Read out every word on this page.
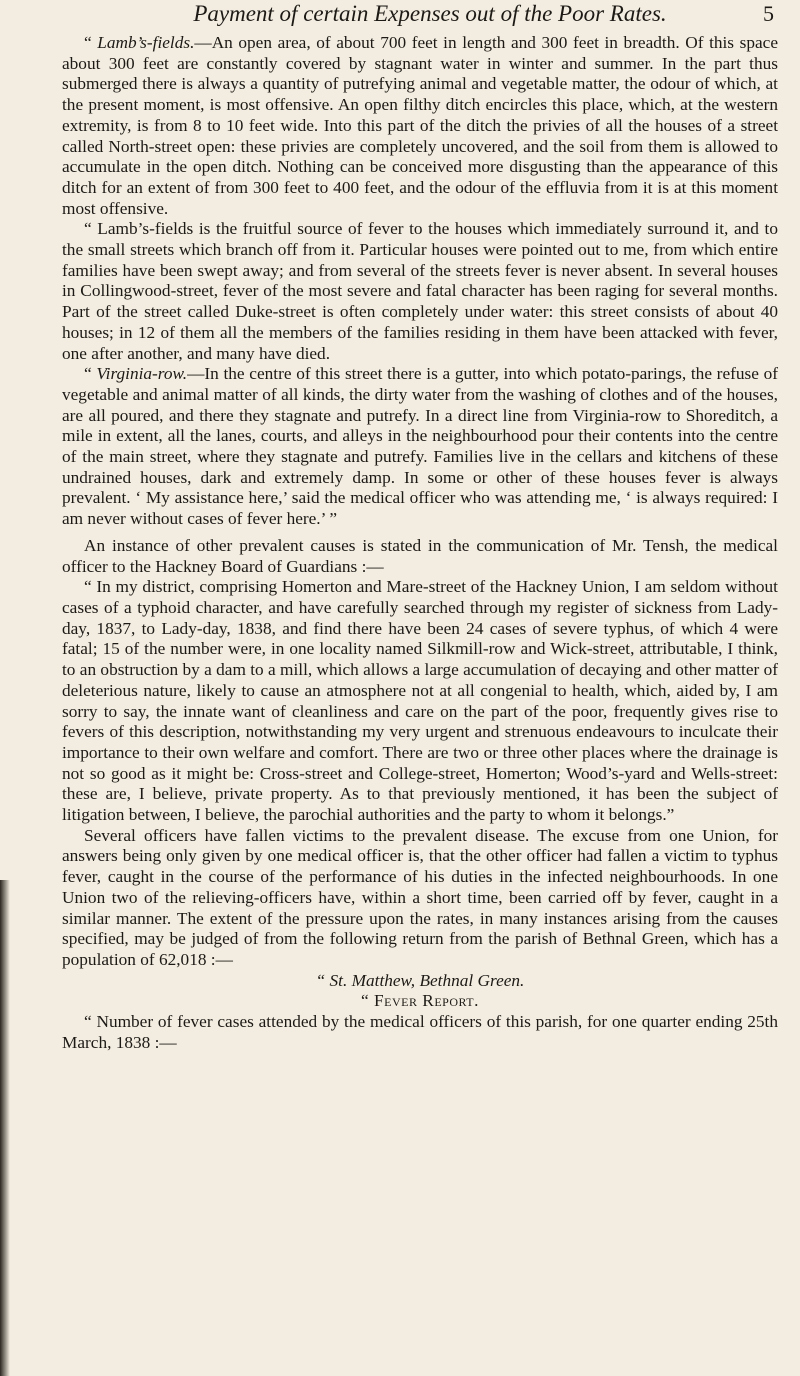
Payment of certain Expenses out of the Poor Rates.	5

“ Lamb’s-fields.—An open area, of about 700 feet in length and 300 feet in breadth. Of this space about 300 feet are constantly covered by stagnant water in winter and summer. In the part thus submerged there is always a quantity of putrefying animal and vegetable matter, the odour of which, at the present moment, is most offensive. An open filthy ditch encircles this place, which, at the western extremity, is from 8 to 10 feet wide. Into this part of the ditch the privies of all the houses of a street called North-street open: these privies are completely uncovered, and the soil from them is allowed to accumulate in the open ditch. Nothing can be conceived more disgusting than the appearance of this ditch for an extent of from 300 feet to 400 feet, and the odour of the effluvia from it is at this moment most offensive.

“ Lamb’s-fields is the fruitful source of fever to the houses which immediately surround it, and to the small streets which branch off from it. Particular houses were pointed out to me, from which entire families have been swept away; and from several of the streets fever is never absent. In several houses in Collingwood-street, fever of the most severe and fatal character has been raging for several months. Part of the street called Duke-street is often completely under water: this street consists of about 40 houses; in 12 of them all the members of the families residing in them have been attacked with fever, one after another, and many have died.

“ Virginia-row.—In the centre of this street there is a gutter, into which potato-parings, the refuse of vegetable and animal matter of all kinds, the dirty water from the washing of clothes and of the houses, are all poured, and there they stagnate and putrefy. In a direct line from Virginia-row to Shoreditch, a mile in extent, all the lanes, courts, and alleys in the neighbourhood pour their contents into the centre of the main street, where they stagnate and putrefy. Families live in the cellars and kitchens of these undrained houses, dark and extremely damp. In some or other of these houses fever is always prevalent. ‘ My assistance here,’ said the medical officer who was attending me, ‘ is always required: I am never without cases of fever here.’ ”

An instance of other prevalent causes is stated in the communication of Mr. Tensh, the medical officer to the Hackney Board of Guardians :—

“ In my district, comprising Homerton and Mare-street of the Hackney Union, I am seldom without cases of a typhoid character, and have carefully searched through my register of sickness from Lady-day, 1837, to Lady-day, 1838, and find there have been 24 cases of severe typhus, of which 4 were fatal; 15 of the number were, in one locality named Silkmill-row and Wick-street, attributable, I think, to an obstruction by a dam to a mill, which allows a large accumulation of decaying and other matter of deleterious nature, likely to cause an atmosphere not at all congenial to health, which, aided by, I am sorry to say, the innate want of cleanliness and care on the part of the poor, frequently gives rise to fevers of this description, notwithstanding my very urgent and strenuous endeavours to inculcate their importance to their own welfare and comfort. There are two or three other places where the drainage is not so good as it might be: Cross-street and College-street, Homerton; Wood’s-yard and Wells-street: these are, I believe, private property. As to that previously mentioned, it has been the subject of litigation between, I believe, the parochial authorities and the party to whom it belongs.”

Several officers have fallen victims to the prevalent disease. The excuse from one Union, for answers being only given by one medical officer is, that the other officer had fallen a victim to typhus fever, caught in the course of the performance of his duties in the infected neighbourhoods. In one Union two of the relieving-officers have, within a short time, been carried off by fever, caught in a similar manner. The extent of the pressure upon the rates, in many instances arising from the causes specified, may be judged of from the following return from the parish of Bethnal Green, which has a population of 62,018 :—

“ St. Matthew, Bethnal Green.

“ Fever Report.

“ Number of fever cases attended by the medical officers of this parish, for one quarter ending 25th March, 1838 :—
